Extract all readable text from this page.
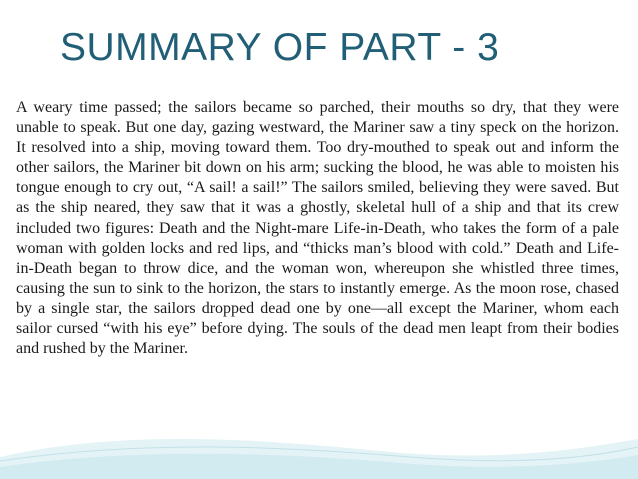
SUMMARY OF PART - 3

A weary time passed; the sailors became so parched, their mouths so dry, that they were unable to speak. But one day, gazing westward, the Mariner saw a tiny speck on the horizon. It resolved into a ship, moving toward them. Too dry-mouthed to speak out and inform the other sailors, the Mariner bit down on his arm; sucking the blood, he was able to moisten his tongue enough to cry out, “A sail! a sail!” The sailors smiled, believing they were saved. But as the ship neared, they saw that it was a ghostly, skeletal hull of a ship and that its crew included two figures: Death and the Night-mare Life-in-Death, who takes the form of a pale woman with golden locks and red lips, and “thicks man’s blood with cold.” Death and Life-in-Death began to throw dice, and the woman won, whereupon she whistled three times, causing the sun to sink to the horizon, the stars to instantly emerge. As the moon rose, chased by a single star, the sailors dropped dead one by one—all except the Mariner, whom each sailor cursed “with his eye” before dying. The souls of the dead men leapt from their bodies and rushed by the Mariner.
